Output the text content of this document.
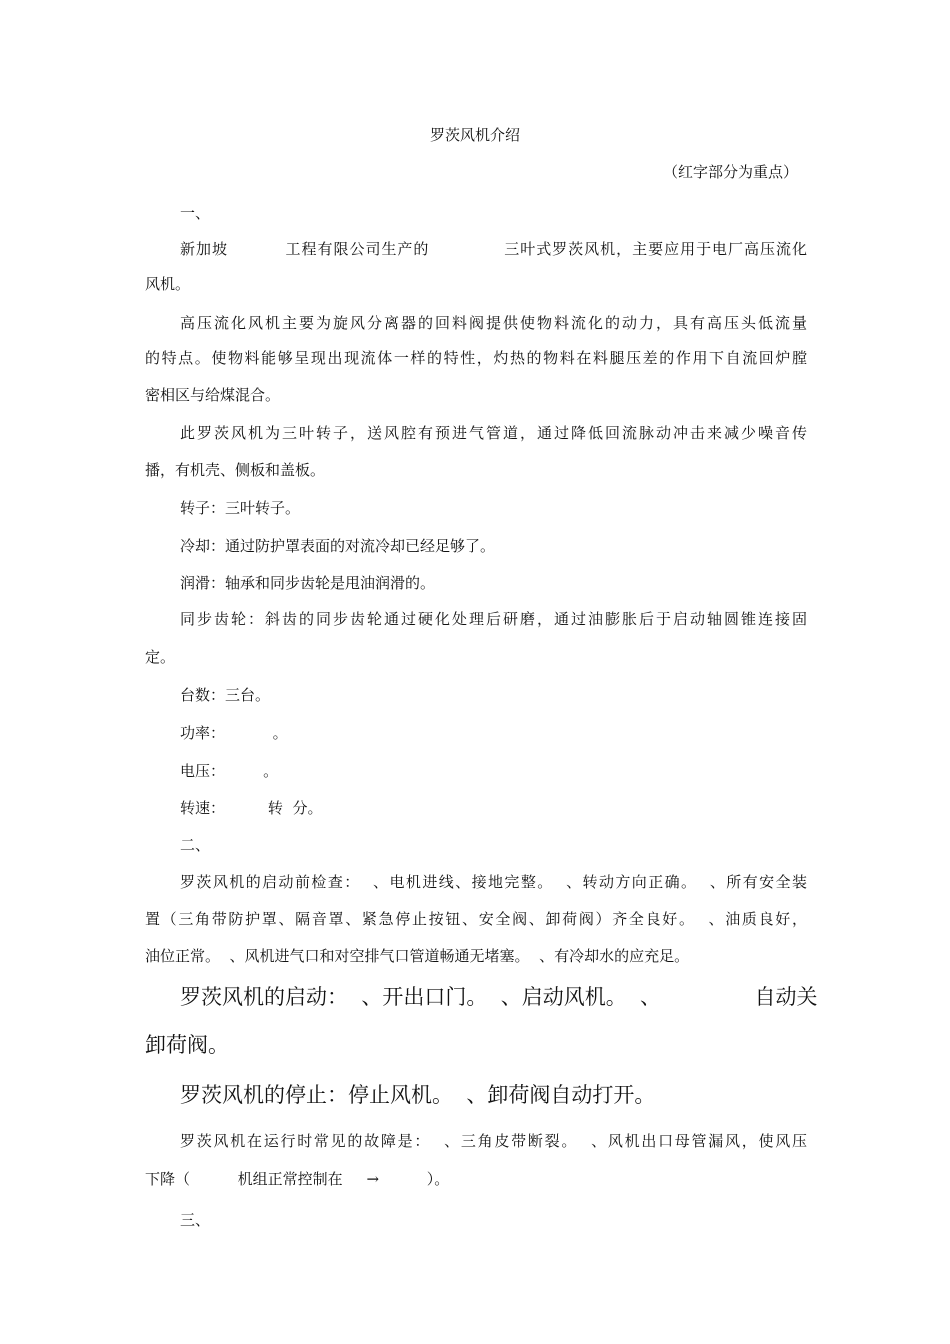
罗茨风机介绍
（红字部分为重点）
一、
新加坡          工程有限公司生产的             三叶式罗茨风机，主要应用于电厂高压流化
风机。
高压流化风机主要为旋风分离器的回料阀提供使物料流化的动力，具有高压头低流量
的特点。使物料能够呈现出现流体一样的特性，灼热的物料在料腿压差的作用下自流回炉膛
密相区与给煤混合。
此罗茨风机为三叶转子，送风腔有预进气管道，通过降低回流脉动冲击来减少噪音传
播，有机壳、侧板和盖板。
转子：三叶转子。
冷却：通过防护罩表面的对流冷却已经足够了。
润滑：轴承和同步齿轮是甩油润滑的。
同步齿轮：斜齿的同步齿轮通过硬化处理后研磨，通过油膨胀后于启动轴圆锥连接固
定。
台数：三台。
功率：          。
电压：        。
转速：         转  分。
二、
罗茨风机的启动前检查：  、电机进线、接地完整。  、转动方向正确。  、所有安全装
置（三角带防护罩、隔音罩、紧急停止按钮、安全阀、卸荷阀）齐全良好。  、油质良好，
油位正常。  、风机进气口和对空排气口管道畅通无堵塞。  、有冷却水的应充足。
罗茨风机的启动：  、开出口门。  、启动风机。  、              自动关
卸荷阀。
罗茨风机的停止：停止风机。  、卸荷阀自动打开。
罗茨风机在运行时常见的故障是：  、三角皮带断裂。  、风机出口母管漏风，使风压
下降（          机组正常控制在     →          ）。
三、
